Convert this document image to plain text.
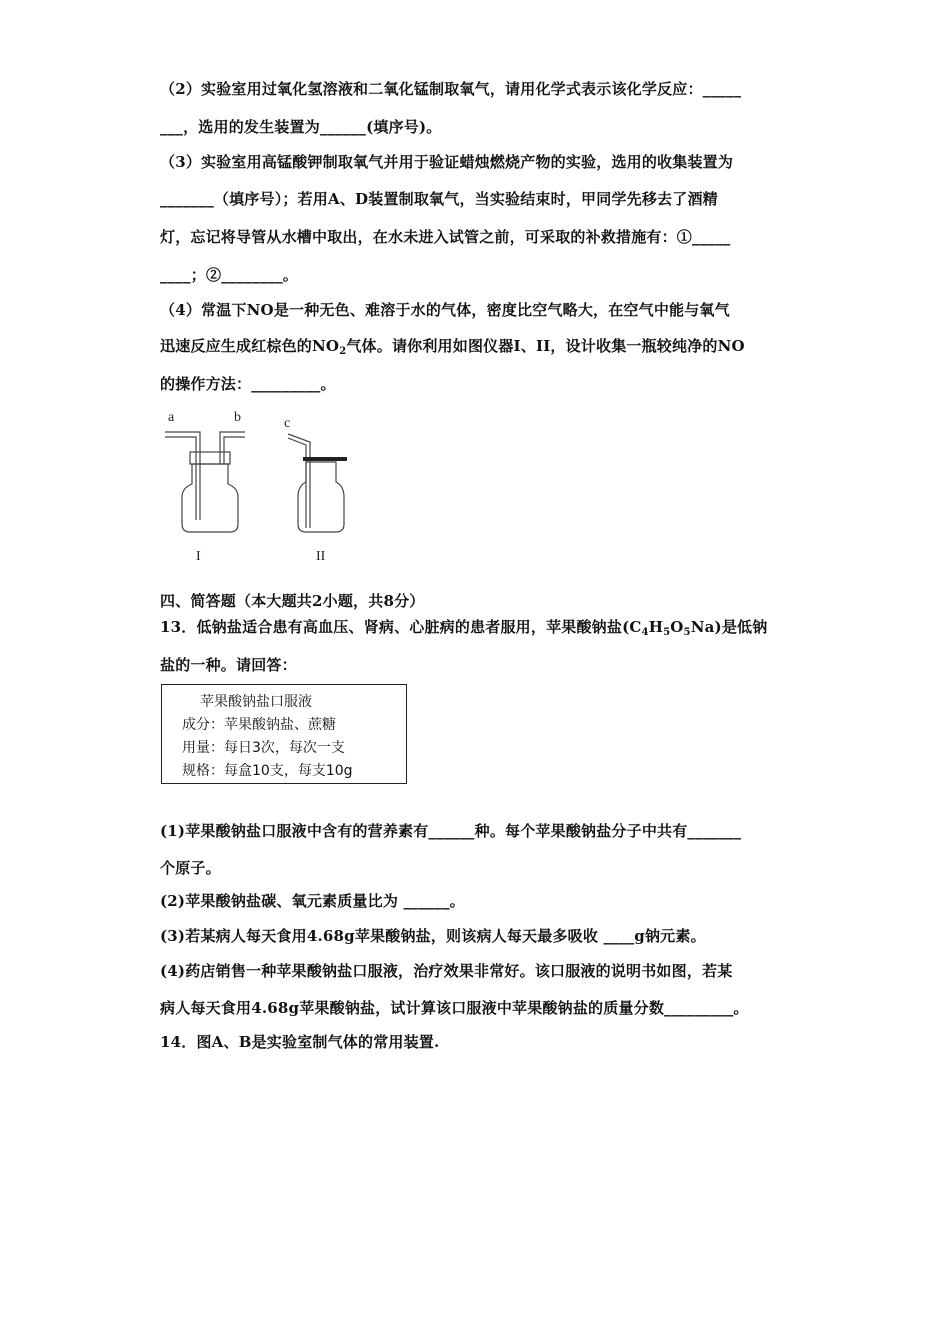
（2）实验室用过氧化氢溶液和二氧化锰制取氧气，请用化学式表示该化学反应：_____
___，选用的发生装置为______(填序号)。
（3）实验室用高锰酸钾制取氧气并用于验证蜡烛燃烧产物的实验，选用的收集装置为
_______（填序号）；若用A、D装置制取氧气，当实验结束时，甲同学先移去了酒精
灯，忘记将导管从水槽中取出，在水未进入试管之前，可采取的补救措施有：①_____
____；②________。
（4）常温下NO是一种无色、难溶于水的气体，密度比空气略大，在空气中能与氧气
迅速反应生成红棕色的$NO_2$气体。请你利用如图仪器I、II，设计收集一瓶较纯净的NO
的操作方法：_________。
a	b	c
I	II
四、简答题（本大题共2小题，共8分）
13．低钠盐适合患有高血压、肾病、心脏病的患者服用，苹果酸钠盐$(C_4H_5O_5Na)$是低钠
盐的一种。请回答：
苹果酸钠盐口服液
成分：苹果酸钠盐、蔗糖
用量：每日3次，每次一支
规格：每盒10支，每支10g
(1)苹果酸钠盐口服液中含有的营养素有______种。每个苹果酸钠盐分子中共有_______
个原子。
(2)苹果酸钠盐碳、氧元素质量比为 ______。
(3)若某病人每天食用4.68g苹果酸钠盐，则该病人每天最多吸收 ____g钠元素。
(4)药店销售一种苹果酸钠盐口服液，治疗效果非常好。该口服液的说明书如图，若某
病人每天食用4.68g苹果酸钠盐，试计算该口服液中苹果酸钠盐的质量分数_________。
14．图A、B是实验室制气体的常用装置.
